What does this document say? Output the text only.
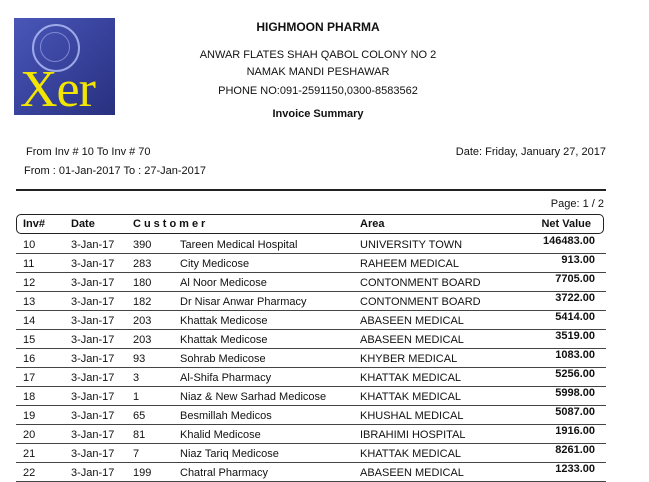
Xer
HIGHMOON PHARMA
ANWAR FLATES SHAH QABOL COLONY NO 2
NAMAK MANDI PESHAWAR
PHONE NO:091-2591150,0300-8583562
Invoice Summary
From Inv # 10 To Inv # 70
From : 01-Jan-2017 To : 27-Jan-2017
Date: Friday, January 27, 2017
Page: 1 / 2
Inv# Date	Customer	Area	Net Value
10	3-Jan-17 390	Tareen Medical Hospital	UNIVERSITY TOWN	146483.00
11	3-Jan-17 283	City Medicose	RAHEEM MEDICAL	913.00
12	3-Jan-17 180	Al Noor Medicose	CONTONMENT BOARD	7705.00
13	3-Jan-17 182	Dr Nisar Anwar Pharmacy	CONTONMENT BOARD	3722.00
14	3-Jan-17 203	Khattak Medicose	ABASEEN MEDICAL	5414.00
15	3-Jan-17 203	Khattak Medicose	ABASEEN MEDICAL	3519.00
16	3-Jan-17 93	Sohrab Medicose	KHYBER MEDICAL	1083.00
17	3-Jan-17 3	Al-Shifa Pharmacy	KHATTAK MEDICAL	5256.00
18	3-Jan-17 1	Niaz & New Sarhad Medicose	KHATTAK MEDICAL	5998.00
19	3-Jan-17 65	Besmillah Medicos	KHUSHAL MEDICAL	5087.00
20	3-Jan-17 81	Khalid Medicose	IBRAHIMI HOSPITAL	1916.00
21	3-Jan-17 7	Niaz Tariq Medicose	KHATTAK MEDICAL	8261.00
22	3-Jan-17 199	Chatral Pharmacy	ABASEEN MEDICAL	1233.00
